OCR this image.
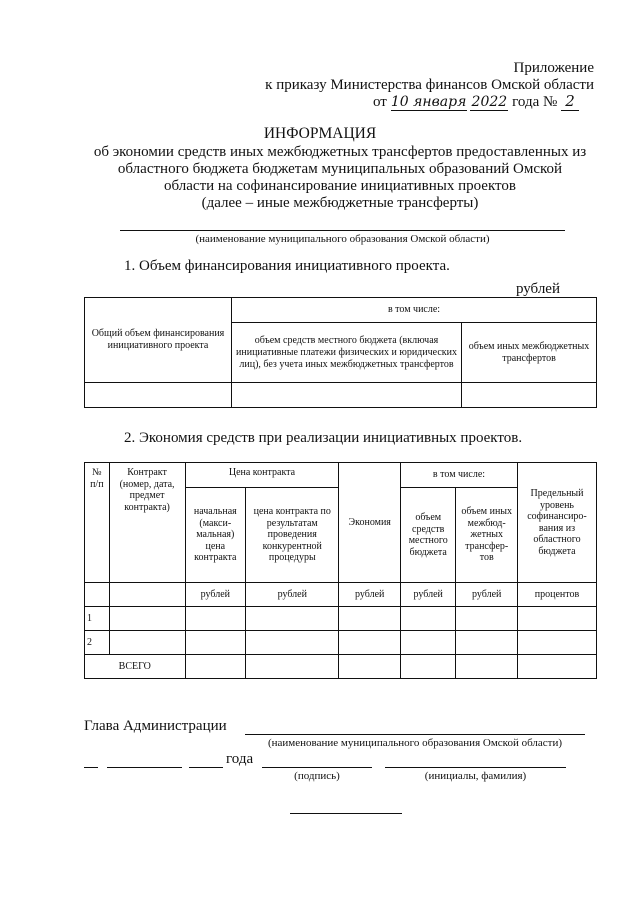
Приложение
к приказу Министерства финансов Омской области
от 10 января 2022 года № 2
ИНФОРМАЦИЯ
об экономии средств иных межбюджетных трансфертов предоставленных из
областного бюджета бюджетам муниципальных образований Омской
области на софинансирование инициативных проектов
(далее – иные межбюджетные трансферты)
(наименование муниципального образования Омской области)
1. Объем финансирования инициативного проекта.
рублей
Общий объем финансирования инициативного проекта	в том числе:	
	объем средств местного бюджета (включая инициативные платежи физических и юридических лиц), без учета иных межбюджетных трансфертов	объем иных межбюджетных трансфертов

2. Экономия средств при реализации инициативных проектов.
№ п/п	Контракт (номер, дата, предмет контракта)	Цена контракта		Экономия	в том числе:		Предельный уровень софинансиро-вания из областного бюджета
		начальная (макси-мальная) цена контракта	цена контракта по результатам проведения конкурентной процедуры		объем средств местного бюджета	объем иных межбюд-жетных трансфер-тов	
		рублей	рублей	рублей	рублей	рублей	процентов
1							
2							
ВСЕГО							
Глава Администрации
(наименование муниципального образования Омской области)
года
(подпись)	(инициалы, фамилия)
